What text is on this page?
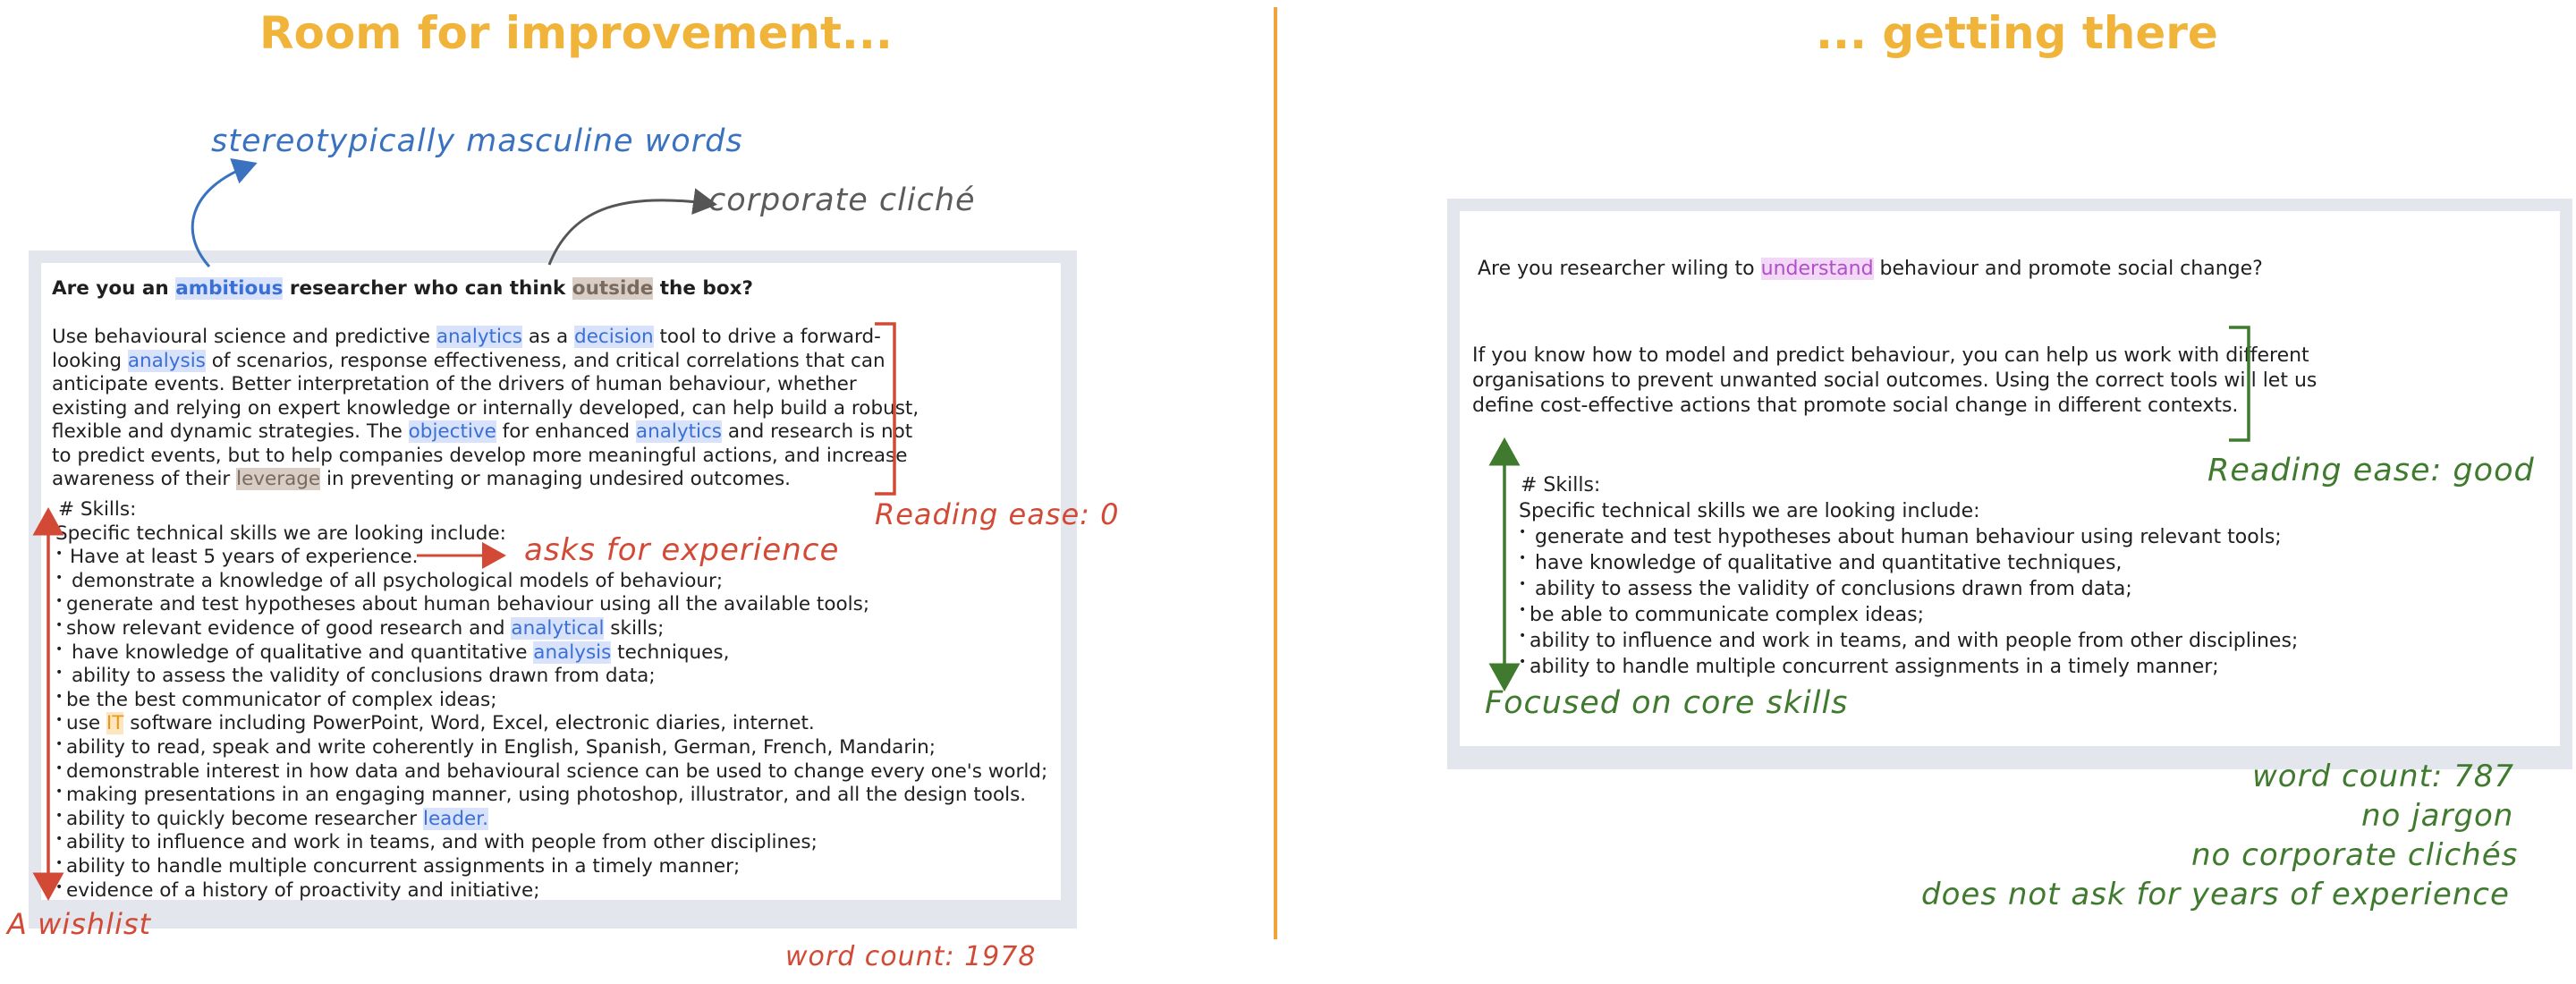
Room for improvement...	... getting there
Are you an ambitious researcher who can think outside the box?
Use behavioural science and predictive analytics as a decision tool to drive a forward-
looking analysis of scenarios, response effectiveness, and critical correlations that can
anticipate events. Better interpretation of the drivers of human behaviour, whether
existing and relying on expert knowledge or internally developed, can help build a robust,
flexible and dynamic strategies. The objective for enhanced analytics and research is not
to predict events, but to help companies develop more meaningful actions, and increase
awareness of their leverage in preventing or managing undesired outcomes.
# Skills:
Specific technical skills we are looking include:
• Have at least 5 years of experience.
• demonstrate a knowledge of all psychological models of behaviour;
• generate and test hypotheses about human behaviour using all the available tools;
• show relevant evidence of good research and analytical skills;
• have knowledge of qualitative and quantitative analysis techniques,
• ability to assess the validity of conclusions drawn from data;
• be the best communicator of complex ideas;
• use IT software including PowerPoint, Word, Excel, electronic diaries, internet.
• ability to read, speak and write coherently in English, Spanish, German, French, Mandarin;
• demonstrable interest in how data and behavioural science can be used to change every one's world;
• making presentations in an engaging manner, using photoshop, illustrator, and all the design tools.
• ability to quickly become researcher leader.
• ability to influence and work in teams, and with people from other disciplines;
• ability to handle multiple concurrent assignments in a timely manner;
• evidence of a history of proactivity and initiative;
stereotypically masculine words
corporate cliché
Reading ease: 0
asks for experience
A wishlist
word count: 1978
Are you researcher wiling to understand behaviour and promote social change?
If you know how to model and predict behaviour, you can help us work with different
organisations to prevent unwanted social outcomes. Using the correct tools will let us
define cost-effective actions that promote social change in different contexts.
# Skills:
Specific technical skills we are looking include:
• generate and test hypotheses about human behaviour using relevant tools;
• have knowledge of qualitative and quantitative techniques,
• ability to assess the validity of conclusions drawn from data;
• be able to communicate complex ideas;
• ability to influence and work in teams, and with people from other disciplines;
• ability to handle multiple concurrent assignments in a timely manner;
Reading ease: good
Focused on core skills
word count: 787
no jargon
no corporate clichés
does not ask for years of experience
